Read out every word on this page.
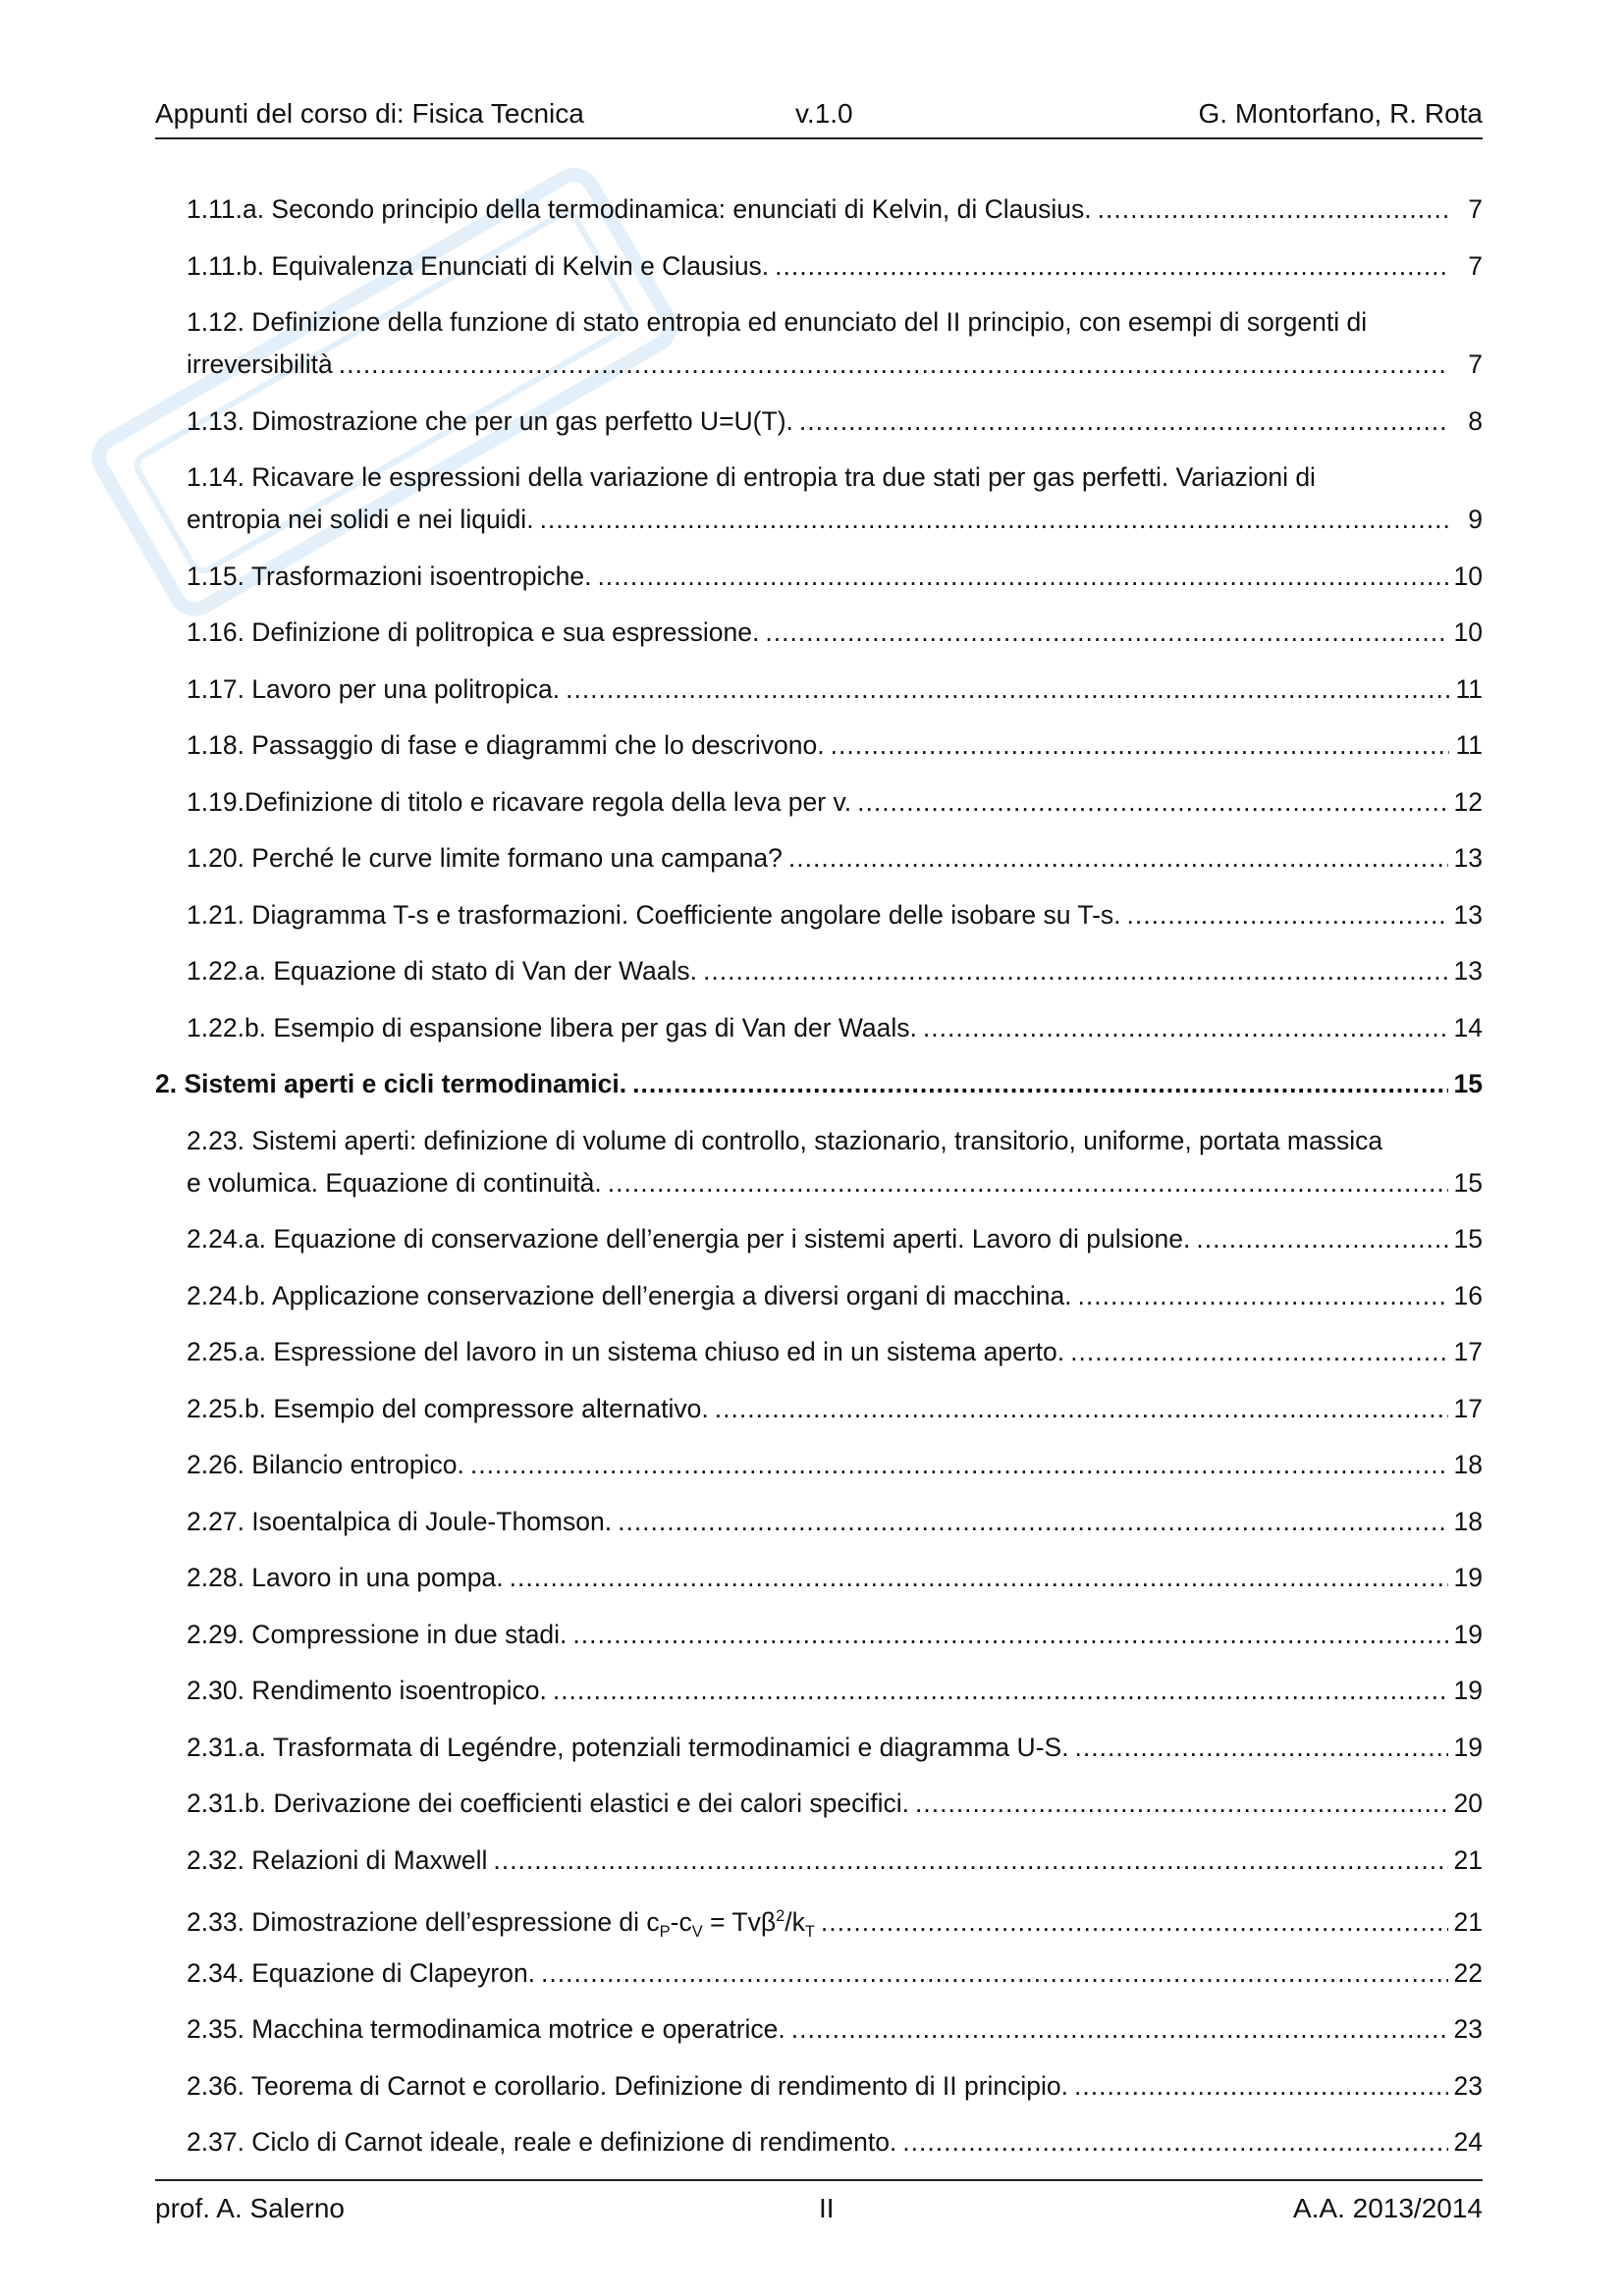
Appunti del corso di: Fisica Tecnica	v.1.0	G. Montorfano, R. Rota
1.11.a. Secondo principio della termodinamica: enunciati di Kelvin, di Clausius. .....	7
1.11.b. Equivalenza Enunciati di Kelvin e Clausius. .....	7
1.12. Definizione della funzione di stato entropia ed enunciato del II principio, con esempi di sorgenti di
irreversibilità .....	7
1.13. Dimostrazione che per un gas perfetto U=U(T). .....	8
1.14. Ricavare le espressioni della variazione di entropia tra due stati per gas perfetti. Variazioni di
entropia nei solidi e nei liquidi. .....	9
1.15. Trasformazioni isoentropiche. .....	10
1.16. Definizione di politropica e sua espressione. .....	10
1.17. Lavoro per una politropica. .....	11
1.18. Passaggio di fase e diagrammi che lo descrivono. .....	11
1.19.Definizione di titolo e ricavare regola della leva per v. .....	12
1.20. Perché le curve limite formano una campana? .....	13
1.21. Diagramma T-s e trasformazioni. Coefficiente angolare delle isobare su T-s. .....	13
1.22.a. Equazione di stato di Van der Waals. .....	13
1.22.b. Esempio di espansione libera per gas di Van der Waals. .....	14
2. Sistemi aperti e cicli termodinamici. .....	15
2.23. Sistemi aperti: definizione di volume di controllo, stazionario, transitorio, uniforme, portata massica
e volumica. Equazione di continuità. .....	15
2.24.a. Equazione di conservazione dell’energia per i sistemi aperti. Lavoro di pulsione. .....	15
2.24.b. Applicazione conservazione dell’energia a diversi organi di macchina. .....	16
2.25.a. Espressione del lavoro in un sistema chiuso ed in un sistema aperto. .....	17
2.25.b. Esempio del compressore alternativo. .....	17
2.26. Bilancio entropico. .....	18
2.27. Isoentalpica di Joule-Thomson. .....	18
2.28. Lavoro in una pompa. .....	19
2.29. Compressione in due stadi. .....	19
2.30. Rendimento isoentropico. .....	19
2.31.a. Trasformata di Legéndre, potenziali termodinamici e diagramma U-S. .....	19
2.31.b. Derivazione dei coefficienti elastici e dei calori specifici. .....	20
2.32. Relazioni di Maxwell .....	21
2.33. Dimostrazione dell’espressione di $c_P-c_V = Tv\beta^2/k_T$ .....	21
2.34. Equazione di Clapeyron. .....	22
2.35. Macchina termodinamica motrice e operatrice. .....	23
2.36. Teorema di Carnot e corollario. Definizione di rendimento di II principio. .....	23
2.37. Ciclo di Carnot ideale, reale e definizione di rendimento. .....	24
prof. A. Salerno	II	A.A. 2013/2014
